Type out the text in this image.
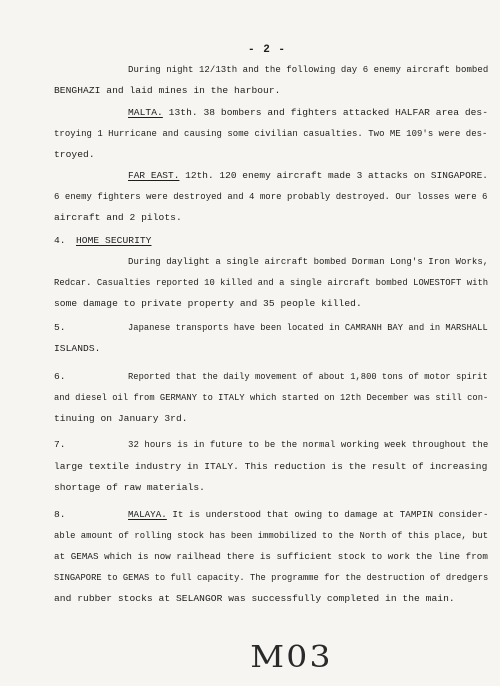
- 2 -
During night 12/13th and the following day 6 enemy aircraft bombed
BENGHAZI and laid mines in the harbour.
MALTA. 13th. 38 bombers and fighters attacked HALFAR area des-
troying 1 Hurricane and causing some civilian casualties. Two ME 109's were des-
troyed.
FAR EAST. 12th. 120 enemy aircraft made 3 attacks on SINGAPORE.
6 enemy fighters were destroyed and 4 more probably destroyed. Our losses were 6
aircraft and 2 pilots.
4. HOME SECURITY
During daylight a single aircraft bombed Dorman Long's Iron Works,
Redcar. Casualties reported 10 killed and a single aircraft bombed LOWESTOFT with
some damage to private property and 35 people killed.
5.	Japanese transports have been located in CAMRANH BAY and in MARSHALL
ISLANDS.
6.	Reported that the daily movement of about 1,800 tons of motor spirit
and diesel oil from GERMANY to ITALY which started on 12th December was still con-
tinuing on January 3rd.
7.	32 hours is in future to be the normal working week throughout the
large textile industry in ITALY. This reduction is the result of increasing
shortage of raw materials.
8.	MALAYA. It is understood that owing to damage at TAMPIN consider-
able amount of rolling stock has been immobilized to the North of this place, but
at GEMAS which is now railhead there is sufficient stock to work the line from
SINGAPORE to GEMAS to full capacity. The programme for the destruction of dredgers
and rubber stocks at SELANGOR was successfully completed in the main.
M03
